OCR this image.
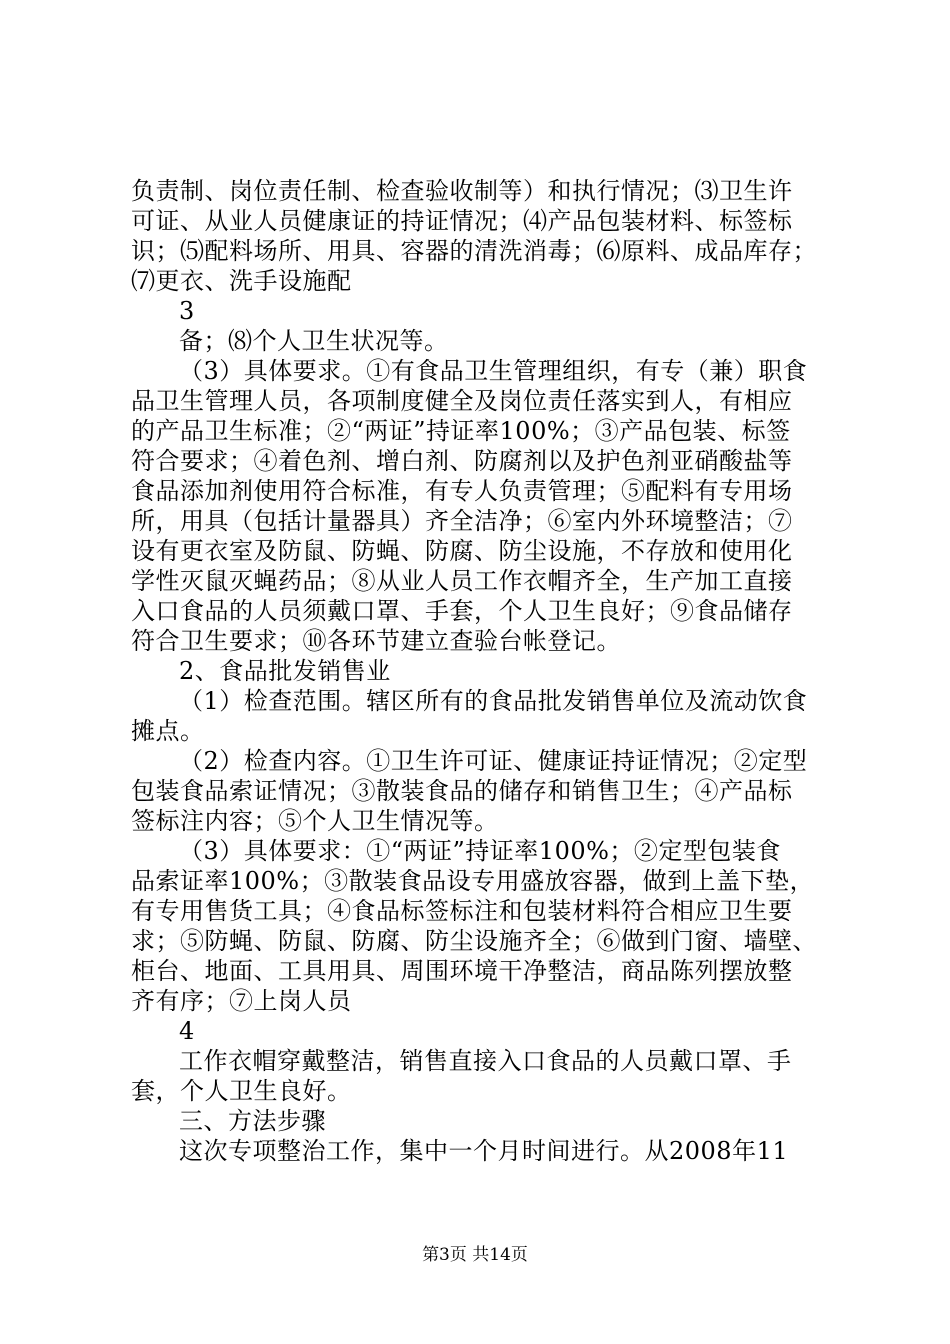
负责制、岗位责任制、检查验收制等）和执行情况；⑶卫生许
可证、从业人员健康证的持证情况；⑷产品包装材料、标签标
识；⑸配料场所、用具、容器的清洗消毒；⑹原料、成品库存；
⑺更衣、洗手设施配
3
备；⑻个人卫生状况等。
（3）具体要求。①有食品卫生管理组织，有专（兼）职食
品卫生管理人员，各项制度健全及岗位责任落实到人，有相应
的产品卫生标准；②“两证”持证率100%；③产品包装、标签
符合要求；④着色剂、增白剂、防腐剂以及护色剂亚硝酸盐等
食品添加剂使用符合标准，有专人负责管理；⑤配料有专用场
所，用具（包括计量器具）齐全洁净；⑥室内外环境整洁；⑦
设有更衣室及防鼠、防蝇、防腐、防尘设施，不存放和使用化
学性灭鼠灭蝇药品；⑧从业人员工作衣帽齐全，生产加工直接
入口食品的人员须戴口罩、手套，个人卫生良好；⑨食品储存
符合卫生要求；⑩各环节建立查验台帐登记。
2、食品批发销售业
（1）检查范围。辖区所有的食品批发销售单位及流动饮食
摊点。
（2）检查内容。①卫生许可证、健康证持证情况；②定型
包装食品索证情况；③散装食品的储存和销售卫生；④产品标
签标注内容；⑤个人卫生情况等。
（3）具体要求：①“两证”持证率100%；②定型包装食
品索证率100%；③散装食品设专用盛放容器，做到上盖下垫，
有专用售货工具；④食品标签标注和包装材料符合相应卫生要
求；⑤防蝇、防鼠、防腐、防尘设施齐全；⑥做到门窗、墙壁、
柜台、地面、工具用具、周围环境干净整洁，商品陈列摆放整
齐有序；⑦上岗人员
4
工作衣帽穿戴整洁，销售直接入口食品的人员戴口罩、手
套，个人卫生良好。
三、方法步骤
这次专项整治工作，集中一个月时间进行。从2008年11
第3页 共14页
